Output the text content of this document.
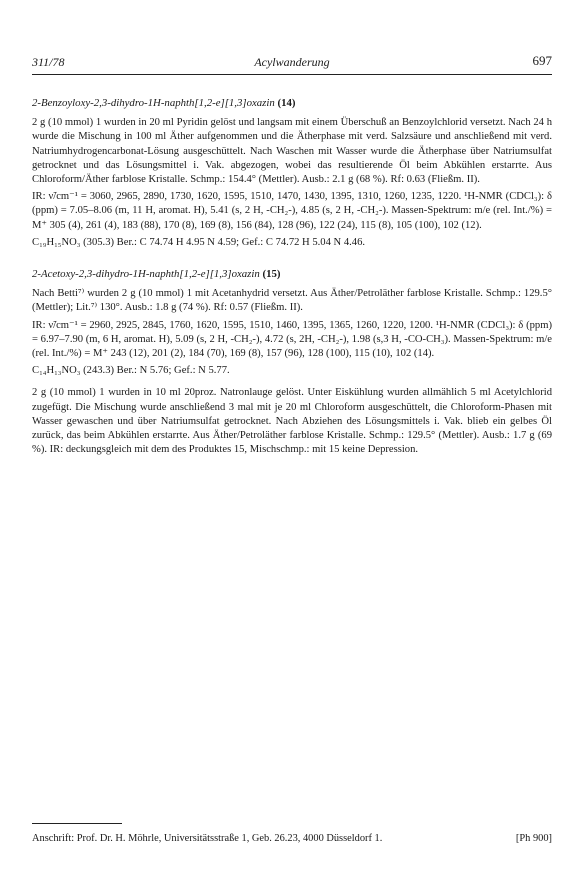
311/78	Acylwanderung	697
2-Benzoyloxy-2,3-dihydro-1H-naphth[1,2-e][1,3]oxazin (14)

2 g (10 mmol) 1 wurden in 20 ml Pyridin gelöst und langsam mit einem Überschuß an Benzoylchlorid versetzt. Nach 24 h wurde die Mischung in 100 ml Äther aufgenommen und die Ätherphase mit verd. Salzsäure und anschließend mit verd. Natriumhydrogencarbonat-Lösung ausgeschüttelt. Nach Waschen mit Wasser wurde die Ätherphase über Natriumsulfat getrocknet und das Lösungsmittel i. Vak. abgezogen, wobei das resultierende Öl beim Abkühlen erstarrte. Aus Chloroform/Äther farblose Kristalle. Schmp.: 154.4° (Mettler). Ausb.: 2.1 g (68 %). Rf: 0.63 (Fließm. II).

IR: ν̃/cm⁻¹ = 3060, 2965, 2890, 1730, 1620, 1595, 1510, 1470, 1430, 1395, 1310, 1260, 1235, 1220. ¹H-NMR (CDCl₃): δ (ppm) = 7.05–8.06 (m, 11 H, aromat. H), 5.41 (s, 2 H, -CH₂-), 4.85 (s, 2 H, -CH₂-). Massen-Spektrum: m/e (rel. Int./%) = M⁺ 305 (4), 261 (4), 183 (88), 170 (8), 169 (8), 156 (84), 128 (96), 122 (24), 115 (8), 105 (100), 102 (12).

C₁₉H₁₅NO₃ (305.3) Ber.: C 74.74 H 4.95 N 4.59; Gef.: C 74.72 H 5.04 N 4.46.

2-Acetoxy-2,3-dihydro-1H-naphth[1,2-e][1,3]oxazin (15)

Nach Betti⁷⁾ wurden 2 g (10 mmol) 1 mit Acetanhydrid versetzt. Aus Äther/Petroläther farblose Kristalle. Schmp.: 129.5° (Mettler); Lit.⁷⁾ 130°. Ausb.: 1.8 g (74 %). Rf: 0.57 (Fließm. II).

IR: ν̃/cm⁻¹ = 2960, 2925, 2845, 1760, 1620, 1595, 1510, 1460, 1395, 1365, 1260, 1220, 1200. ¹H-NMR (CDCl₃): δ (ppm) = 6.97–7.90 (m, 6 H, aromat. H), 5.09 (s, 2 H, -CH₂-), 4.72 (s, 2H, -CH₂-), 1.98 (s,3 H, -CO-CH₃). Massen-Spektrum: m/e (rel. Int./%) = M⁺ 243 (12), 201 (2), 184 (70), 169 (8), 157 (96), 128 (100), 115 (10), 102 (14).

C₁₄H₁₃NO₃ (243.3) Ber.: N 5.76; Gef.: N 5.77.

2 g (10 mmol) 1 wurden in 10 ml 20proz. Natronlauge gelöst. Unter Eiskühlung wurden allmählich 5 ml Acetylchlorid zugefügt. Die Mischung wurde anschließend 3 mal mit je 20 ml Chloroform ausgeschüttelt, die Chloroform-Phasen mit Wasser gewaschen und über Natriumsulfat getrocknet. Nach Abziehen des Lösungsmittels i. Vak. blieb ein gelbes Öl zurück, das beim Abkühlen erstarrte. Aus Äther/Petroläther farblose Kristalle. Schmp.: 129.5° (Mettler). Ausb.: 1.7 g (69 %). IR: deckungsgleich mit dem des Produktes 15, Mischschmp.: mit 15 keine Depression.

Anschrift: Prof. Dr. H. Möhrle, Universitätsstraße 1, Geb. 26.23, 4000 Düsseldorf 1.	[Ph 900]
